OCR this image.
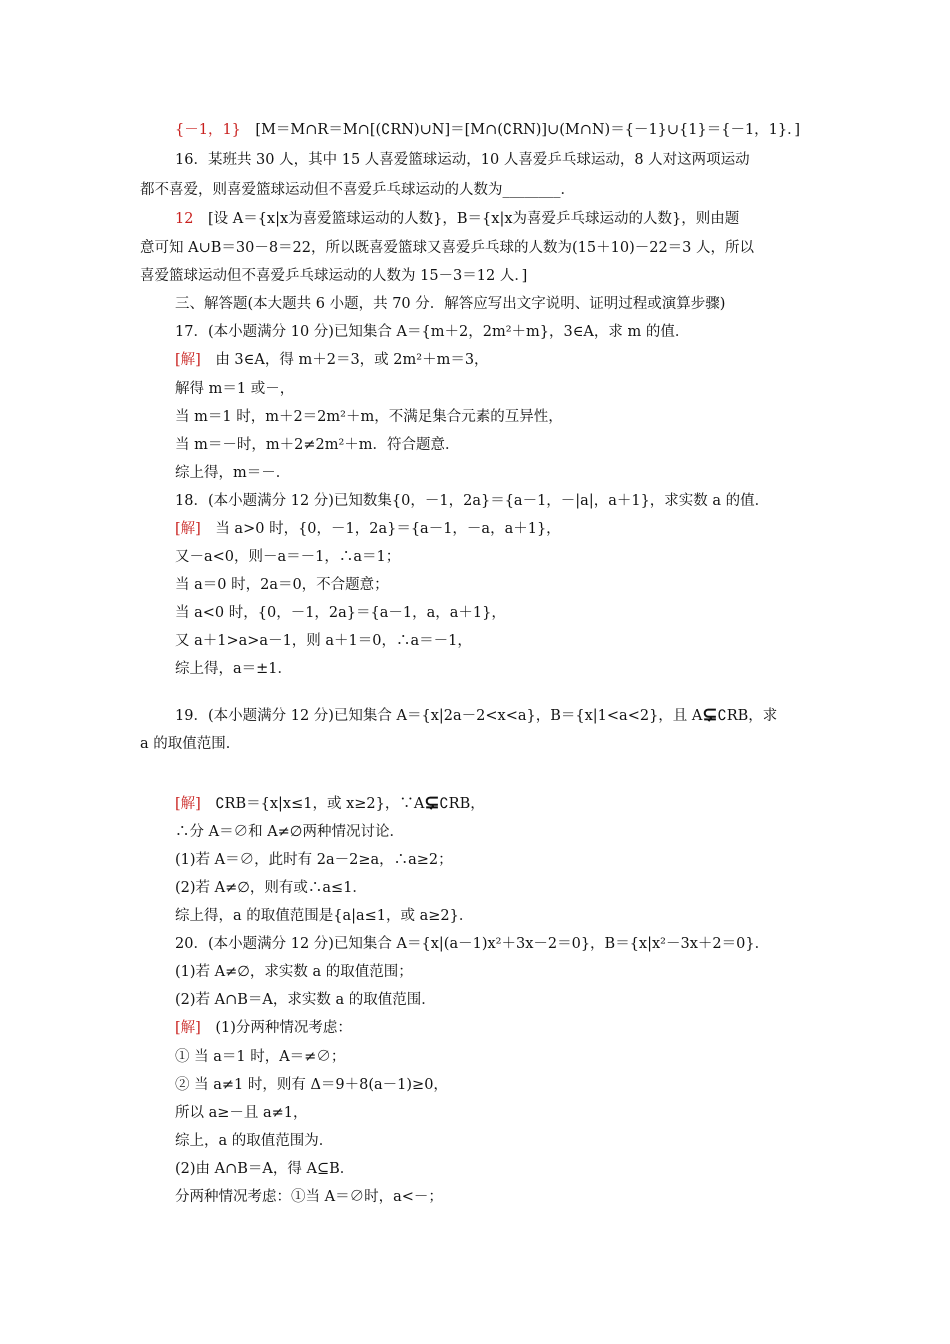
{－1，1}　[M＝M∩R＝M∩[(∁RN)∪N]＝[M∩(∁RN)]∪(M∩N)＝{－1}∪{1}＝{－1，1}．]
16．某班共 30 人，其中 15 人喜爱篮球运动，10 人喜爱乒乓球运动，8 人对这两项运动
都不喜爱，则喜爱篮球运动但不喜爱乒乓球运动的人数为________．
12　[设 A＝{x|x为喜爱篮球运动的人数}，B＝{x|x为喜爱乒乓球运动的人数}，则由题
意可知 A∪B＝30－8＝22，所以既喜爱篮球又喜爱乒乓球的人数为(15＋10)－22＝3 人，所以
喜爱篮球运动但不喜爱乒乓球运动的人数为 15－3＝12 人．]
三、解答题(本大题共 6 小题，共 70 分．解答应写出文字说明、证明过程或演算步骤)
17．(本小题满分 10 分)已知集合 A＝{m＋2，2m²＋m}，3∈A，求 m 的值．
[解]　由 3∈A，得 m＋2＝3，或 2m²＋m＝3，
解得 m＝1 或－，
当 m＝1 时，m＋2＝2m²＋m，不满足集合元素的互异性，
当 m＝－时，m＋2≠2m²＋m．符合题意．
综上得，m＝－．
18．(本小题满分 12 分)已知数集{0，－1，2a}＝{a－1，－|a|，a＋1}，求实数 a 的值．
[解]　当 a>0 时，{0，－1，2a}＝{a－1，－a，a＋1}，
又－a<0，则－a＝－1，∴a＝1；
当 a＝0 时，2a＝0，不合题意；
当 a<0 时，{0，－1，2a}＝{a－1，a，a＋1}，
又 a＋1>a>a－1，则 a＋1＝0，∴a＝－1，
综上得，a＝±1．
19．(本小题满分 12 分)已知集合 A＝{x|2a－2<x<a}，B＝{x|1<a<2}，且 A⊊∁RB，求
a 的取值范围．
[解]　∁RB＝{x|x≤1，或 x≥2}，∵A⊊∁RB，
∴分 A＝∅和 A≠∅两种情况讨论．
(1)若 A＝∅，此时有 2a－2≥a，∴a≥2；
(2)若 A≠∅，则有或∴a≤1．
综上得，a 的取值范围是{a|a≤1，或 a≥2}．
20．(本小题满分 12 分)已知集合 A＝{x|(a－1)x²＋3x－2＝0}，B＝{x|x²－3x＋2＝0}．
(1)若 A≠∅，求实数 a 的取值范围；
(2)若 A∩B＝A，求实数 a 的取值范围．
[解]　(1)分两种情况考虑：
① 当 a＝1 时，A＝≠∅；
② 当 a≠1 时，则有 Δ＝9＋8(a－1)≥0，
所以 a≥－且 a≠1，
综上，a 的取值范围为．
(2)由 A∩B＝A，得 A⊆B．
分两种情况考虑：①当 A＝∅时，a<－；
